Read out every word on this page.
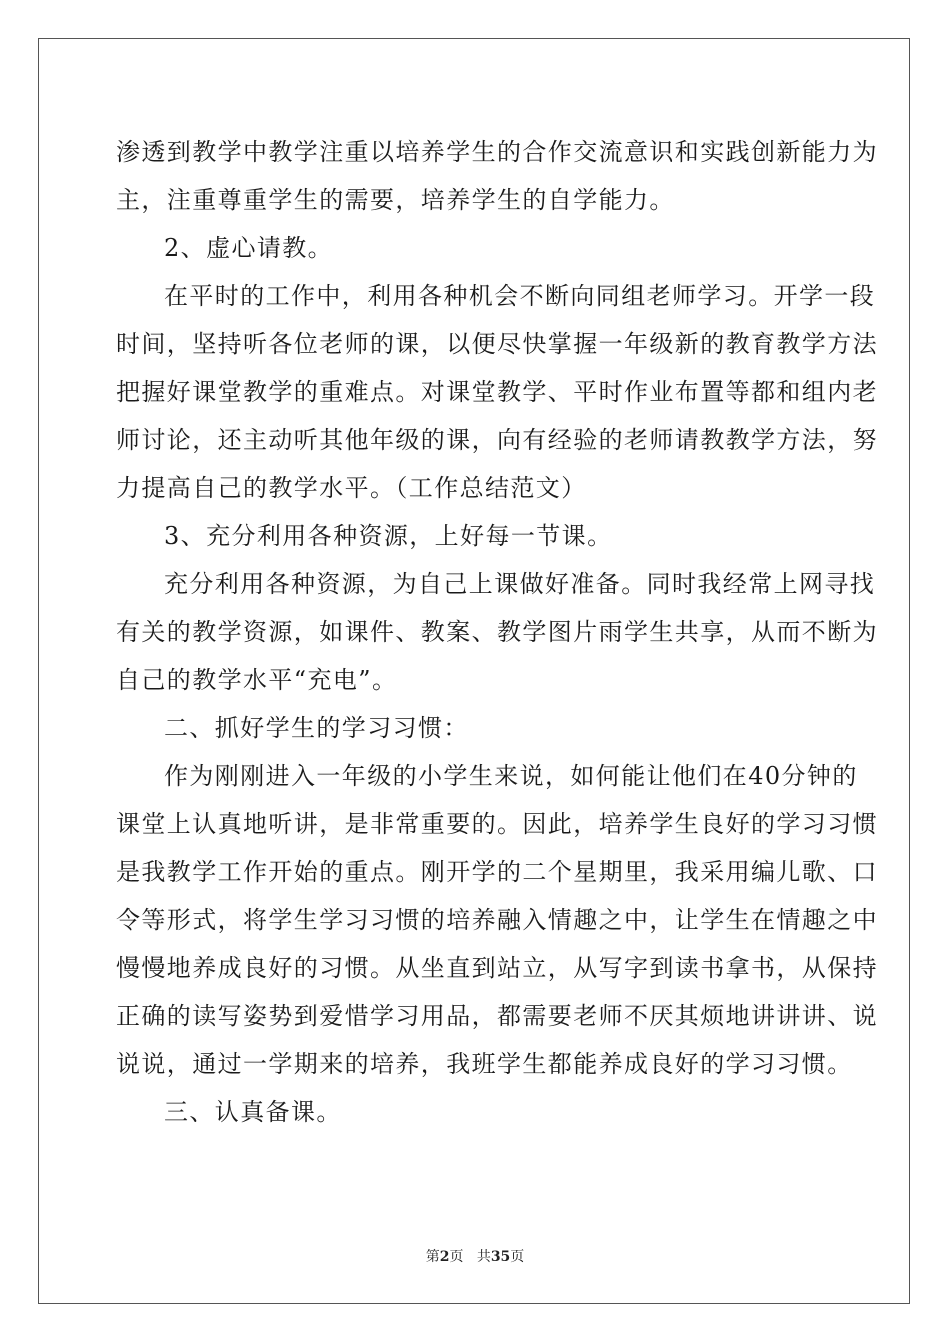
渗透到教学中教学注重以培养学生的合作交流意识和实践创新能力为
主，注重尊重学生的需要，培养学生的自学能力。
2、虚心请教。
在平时的工作中，利用各种机会不断向同组老师学习。开学一段
时间，坚持听各位老师的课，以便尽快掌握一年级新的教育教学方法
把握好课堂教学的重难点。对课堂教学、平时作业布置等都和组内老
师讨论，还主动听其他年级的课，向有经验的老师请教教学方法，努
力提高自己的教学水平。（工作总结范文）
3、充分利用各种资源，上好每一节课。
充分利用各种资源，为自己上课做好准备。同时我经常上网寻找
有关的教学资源，如课件、教案、教学图片雨学生共享，从而不断为
自己的教学水平“充电”。
二、抓好学生的学习习惯：
作为刚刚进入一年级的小学生来说，如何能让他们在40分钟的
课堂上认真地听讲，是非常重要的。因此，培养学生良好的学习习惯
是我教学工作开始的重点。刚开学的二个星期里，我采用编儿歌、口
令等形式，将学生学习习惯的培养融入情趣之中，让学生在情趣之中
慢慢地养成良好的习惯。从坐直到站立，从写字到读书拿书，从保持
正确的读写姿势到爱惜学习用品，都需要老师不厌其烦地讲讲讲、说
说说，通过一学期来的培养，我班学生都能养成良好的学习习惯。
三、认真备课。
第2页 共35页
